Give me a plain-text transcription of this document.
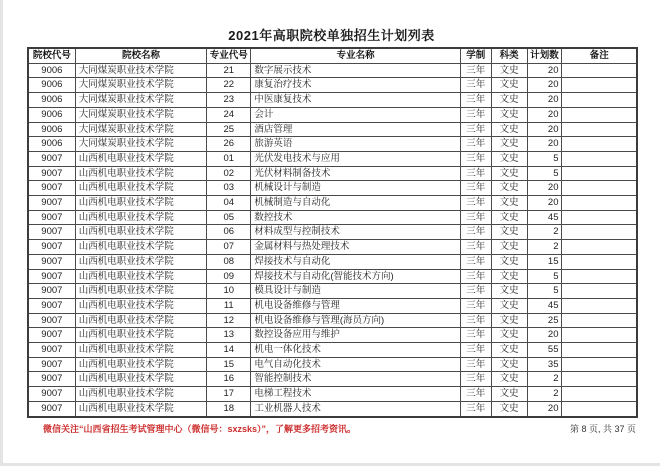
2021年高职院校单独招生计划列表
院校代号	院校名称	专业代号	专业名称	学制	科类	计划数	备注
9006	大同煤炭职业技术学院	21	数字展示技术	三年	文史	20	
9006	大同煤炭职业技术学院	22	康复治疗技术	三年	文史	20	
9006	大同煤炭职业技术学院	23	中医康复技术	三年	文史	20	
9006	大同煤炭职业技术学院	24	会计	三年	文史	20	
9006	大同煤炭职业技术学院	25	酒店管理	三年	文史	20	
9006	大同煤炭职业技术学院	26	旅游英语	三年	文史	20	
9007	山西机电职业技术学院	01	光伏发电技术与应用	三年	文史	5	
9007	山西机电职业技术学院	02	光伏材料制备技术	三年	文史	5	
9007	山西机电职业技术学院	03	机械设计与制造	三年	文史	20	
9007	山西机电职业技术学院	04	机械制造与自动化	三年	文史	20	
9007	山西机电职业技术学院	05	数控技术	三年	文史	45	
9007	山西机电职业技术学院	06	材料成型与控制技术	三年	文史	2	
9007	山西机电职业技术学院	07	金属材料与热处理技术	三年	文史	2	
9007	山西机电职业技术学院	08	焊接技术与自动化	三年	文史	15	
9007	山西机电职业技术学院	09	焊接技术与自动化(智能技术方向)	三年	文史	5	
9007	山西机电职业技术学院	10	模具设计与制造	三年	文史	5	
9007	山西机电职业技术学院	11	机电设备维修与管理	三年	文史	45	
9007	山西机电职业技术学院	12	机电设备维修与管理(海员方向)	三年	文史	25	
9007	山西机电职业技术学院	13	数控设备应用与维护	三年	文史	20	
9007	山西机电职业技术学院	14	机电一体化技术	三年	文史	55	
9007	山西机电职业技术学院	15	电气自动化技术	三年	文史	35	
9007	山西机电职业技术学院	16	智能控制技术	三年	文史	2	
9007	山西机电职业技术学院	17	电梯工程技术	三年	文史	2	
9007	山西机电职业技术学院	18	工业机器人技术	三年	文史	20	
微信关注“山西省招生考试管理中心（微信号：sxzsks）”，了解更多招考资讯。	第 8 页, 共 37 页
